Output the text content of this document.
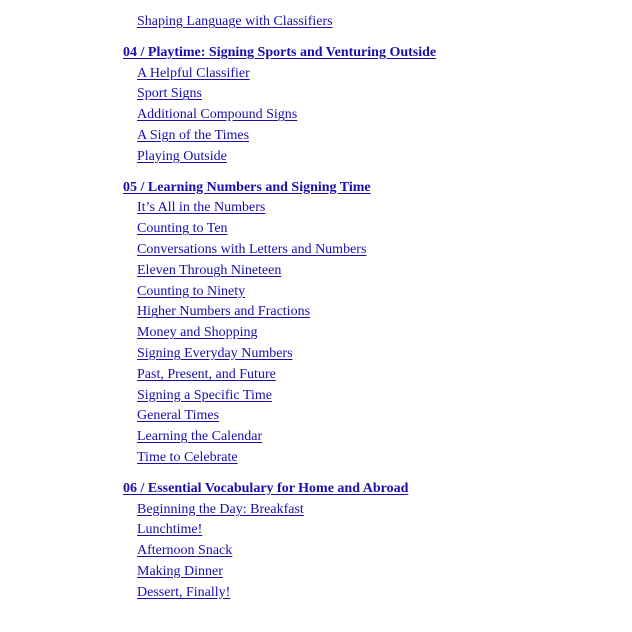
Shaping Language with Classifiers
04 / Playtime: Signing Sports and Venturing Outside
A Helpful Classifier
Sport Signs
Additional Compound Signs
A Sign of the Times
Playing Outside
05 / Learning Numbers and Signing Time
It’s All in the Numbers
Counting to Ten
Conversations with Letters and Numbers
Eleven Through Nineteen
Counting to Ninety
Higher Numbers and Fractions
Money and Shopping
Signing Everyday Numbers
Past, Present, and Future
Signing a Specific Time
General Times
Learning the Calendar
Time to Celebrate
06 / Essential Vocabulary for Home and Abroad
Beginning the Day: Breakfast
Lunchtime!
Afternoon Snack
Making Dinner
Dessert, Finally!
